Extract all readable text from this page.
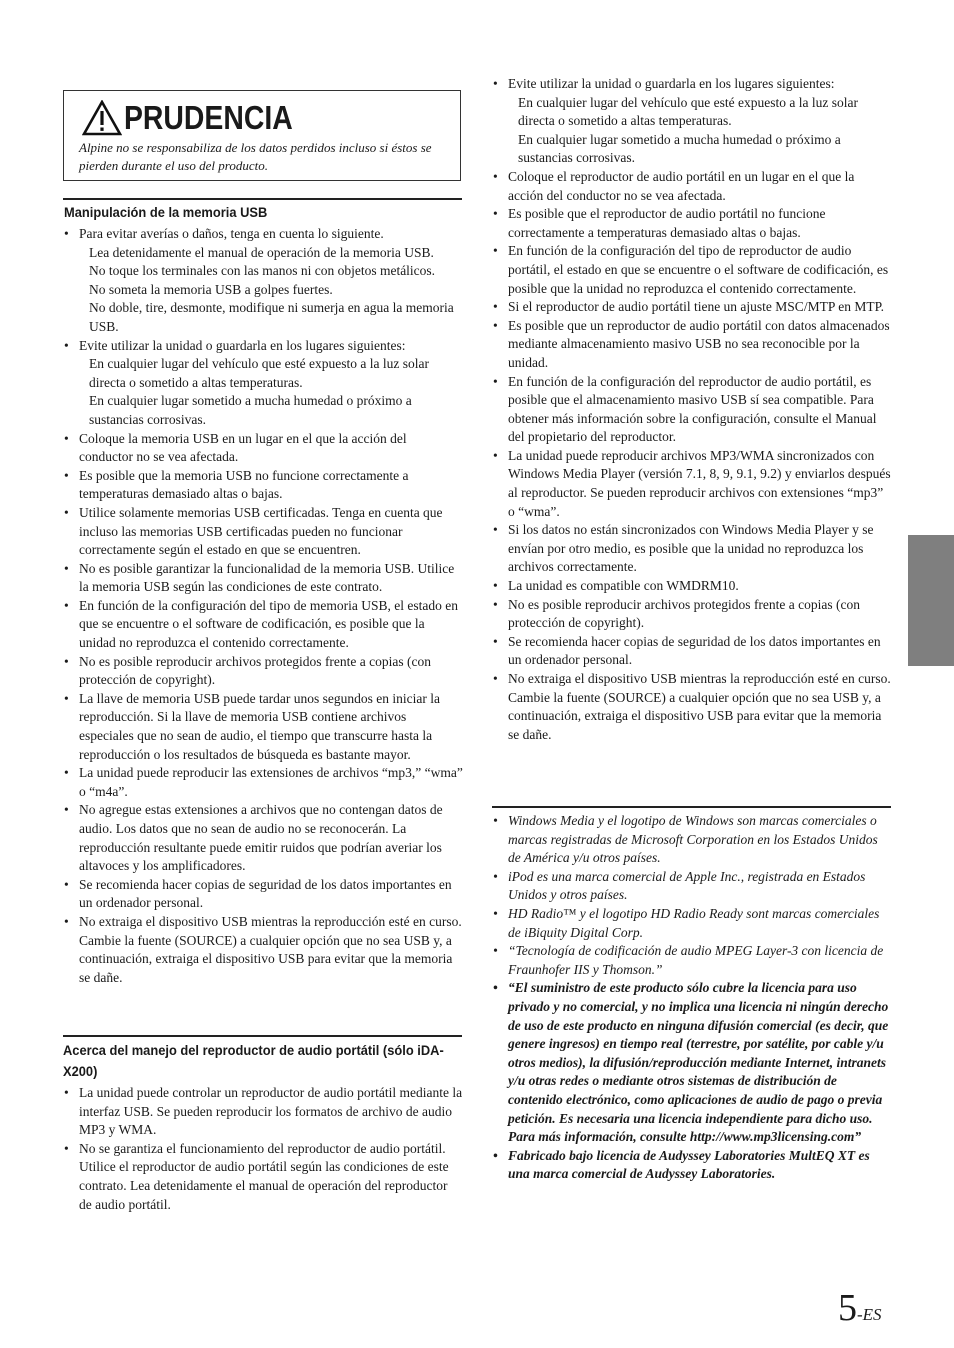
PRUDENCIA
Alpine no se responsabiliza de los datos perdidos incluso si éstos se pierden durante el uso del producto.
Manipulación de la memoria USB
• Para evitar averías o daños, tenga en cuenta lo siguiente.
Lea detenidamente el manual de operación de la memoria USB.
No toque los terminales con las manos ni con objetos metálicos.
No someta la memoria USB a golpes fuertes.
No doble, tire, desmonte, modifique ni sumerja en agua la memoria USB.
• Evite utilizar la unidad o guardarla en los lugares siguientes:
En cualquier lugar del vehículo que esté expuesto a la luz solar directa o sometido a altas temperaturas.
En cualquier lugar sometido a mucha humedad o próximo a sustancias corrosivas.
• Coloque la memoria USB en un lugar en el que la acción del conductor no se vea afectada.
• Es posible que la memoria USB no funcione correctamente a temperaturas demasiado altas o bajas.
• Utilice solamente memorias USB certificadas. Tenga en cuenta que incluso las memorias USB certificadas pueden no funcionar correctamente según el estado en que se encuentren.
• No es posible garantizar la funcionalidad de la memoria USB. Utilice la memoria USB según las condiciones de este contrato.
• En función de la configuración del tipo de memoria USB, el estado en que se encuentre o el software de codificación, es posible que la unidad no reproduzca el contenido correctamente.
• No es posible reproducir archivos protegidos frente a copias (con protección de copyright).
• La llave de memoria USB puede tardar unos segundos en iniciar la reproducción. Si la llave de memoria USB contiene archivos especiales que no sean de audio, el tiempo que transcurre hasta la reproducción o los resultados de búsqueda es bastante mayor.
• La unidad puede reproducir las extensiones de archivos “mp3,” “wma” o “m4a”.
• No agregue estas extensiones a archivos que no contengan datos de audio. Los datos que no sean de audio no se reconocerán. La reproducción resultante puede emitir ruidos que podrían averiar los altavoces y los amplificadores.
• Se recomienda hacer copias de seguridad de los datos importantes en un ordenador personal.
• No extraiga el dispositivo USB mientras la reproducción esté en curso. Cambie la fuente (SOURCE) a cualquier opción que no sea USB y, a continuación, extraiga el dispositivo USB para evitar que la memoria se dañe.
Acerca del manejo del reproductor de audio portátil (sólo iDA-X200)
• La unidad puede controlar un reproductor de audio portátil mediante la interfaz USB. Se pueden reproducir los formatos de archivo de audio MP3 y WMA.
• No se garantiza el funcionamiento del reproductor de audio portátil. Utilice el reproductor de audio portátil según las condiciones de este contrato. Lea detenidamente el manual de operación del reproductor de audio portátil.
• Evite utilizar la unidad o guardarla en los lugares siguientes:
En cualquier lugar del vehículo que esté expuesto a la luz solar directa o sometido a altas temperaturas.
En cualquier lugar sometido a mucha humedad o próximo a sustancias corrosivas.
• Coloque el reproductor de audio portátil en un lugar en el que la acción del conductor no se vea afectada.
• Es posible que el reproductor de audio portátil no funcione correctamente a temperaturas demasiado altas o bajas.
• En función de la configuración del tipo de reproductor de audio portátil, el estado en que se encuentre o el software de codificación, es posible que la unidad no reproduzca el contenido correctamente.
• Si el reproductor de audio portátil tiene un ajuste MSC/MTP en MTP.
• Es posible que un reproductor de audio portátil con datos almacenados mediante almacenamiento masivo USB no sea reconocible por la unidad.
• En función de la configuración del reproductor de audio portátil, es posible que el almacenamiento masivo USB sí sea compatible. Para obtener más información sobre la configuración, consulte el Manual del propietario del reproductor.
• La unidad puede reproducir archivos MP3/WMA sincronizados con Windows Media Player (versión 7.1, 8, 9, 9.1, 9.2) y enviarlos después al reproductor. Se pueden reproducir archivos con extensiones “mp3” o “wma”.
• Si los datos no están sincronizados con Windows Media Player y se envían por otro medio, es posible que la unidad no reproduzca los archivos correctamente.
• La unidad es compatible con WMDRM10.
• No es posible reproducir archivos protegidos frente a copias (con protección de copyright).
• Se recomienda hacer copias de seguridad de los datos importantes en un ordenador personal.
• No extraiga el dispositivo USB mientras la reproducción esté en curso. Cambie la fuente (SOURCE) a cualquier opción que no sea USB y, a continuación, extraiga el dispositivo USB para evitar que la memoria se dañe.
• Windows Media y el logotipo de Windows son marcas comerciales o marcas registradas de Microsoft Corporation en los Estados Unidos de América y/u otros países.
• iPod es una marca comercial de Apple Inc., registrada en Estados Unidos y otros países.
• HD Radio™ y el logotipo HD Radio Ready sont marcas comerciales de iBiquity Digital Corp.
• “Tecnología de codificación de audio MPEG Layer-3 con licencia de Fraunhofer IIS y Thomson.”
• “El suministro de este producto sólo cubre la licencia para uso privado y no comercial, y no implica una licencia ni ningún derecho de uso de este producto en ninguna difusión comercial (es decir, que genere ingresos) en tiempo real (terrestre, por satélite, por cable y/u otros medios), la difusión/reproducción mediante Internet, intranets y/u otras redes o mediante otros sistemas de distribución de contenido electrónico, como aplicaciones de audio de pago o previa petición. Es necesaria una licencia independiente para dicho uso. Para más información, consulte http://www.mp3licensing.com”
• Fabricado bajo licencia de Audyssey Laboratories MultEQ XT es una marca comercial de Audyssey Laboratories.
5-ES
